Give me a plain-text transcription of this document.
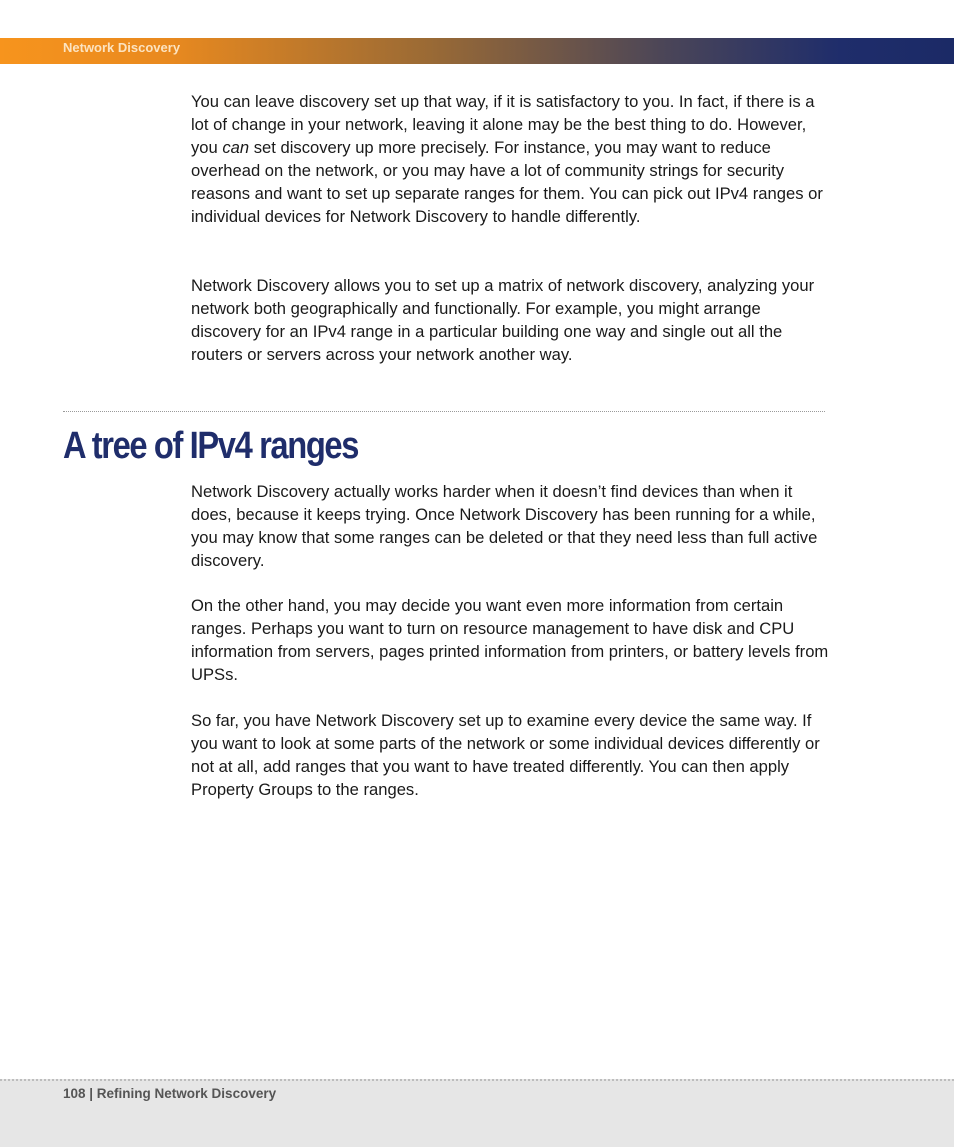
Network Discovery

You can leave discovery set up that way, if it is satisfactory to you. In fact, if there is a lot of change in your network, leaving it alone may be the best thing to do. However, you can set discovery up more precisely. For instance, you may want to reduce overhead on the network, or you may have a lot of community strings for security reasons and want to set up separate ranges for them. You can pick out IPv4 ranges or individual devices for Network Discovery to handle differently.

Network Discovery allows you to set up a matrix of network discovery, analyzing your network both geographically and functionally. For example, you might arrange discovery for an IPv4 range in a particular building one way and single out all the routers or servers across your network another way.

A tree of IPv4 ranges

Network Discovery actually works harder when it doesn’t find devices than when it does, because it keeps trying. Once Network Discovery has been running for a while, you may know that some ranges can be deleted or that they need less than full active discovery.

On the other hand, you may decide you want even more information from certain ranges. Perhaps you want to turn on resource management to have disk and CPU information from servers, pages printed information from printers, or battery levels from UPSs.

So far, you have Network Discovery set up to examine every device the same way. If you want to look at some parts of the network or some individual devices differently or not at all, add ranges that you want to have treated differently. You can then apply Property Groups to the ranges.

108 | Refining Network Discovery
